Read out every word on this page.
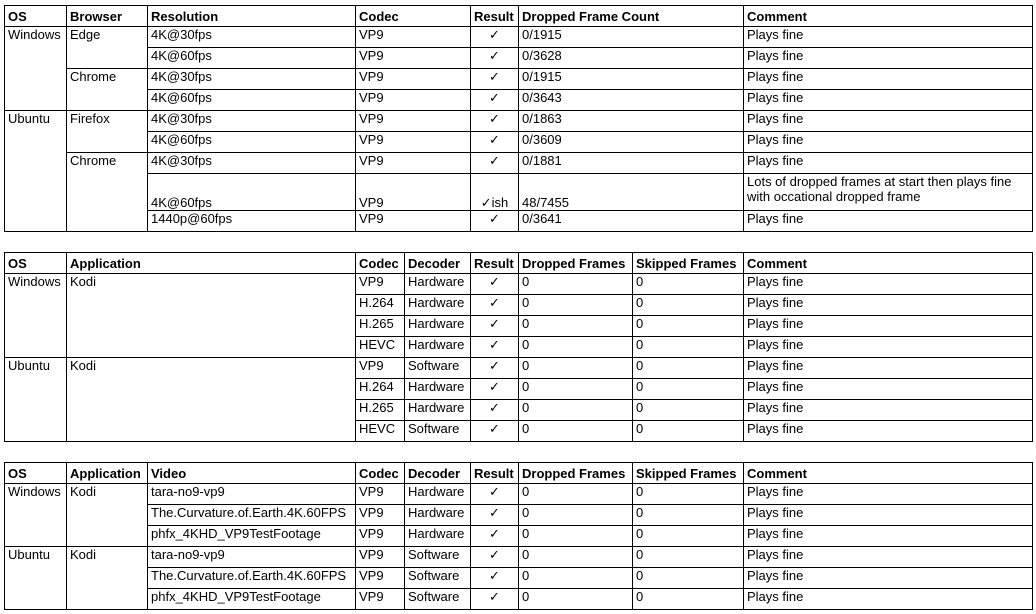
OS	Browser	Resolution	Codec	Result	Dropped Frame Count	Comment
Windows	Edge	4K@30fps	VP9	✓	0/1915	Plays fine
		4K@60fps	VP9	✓	0/3628	Plays fine
	Chrome	4K@30fps	VP9	✓	0/1915	Plays fine
		4K@60fps	VP9	✓	0/3643	Plays fine
Ubuntu	Firefox	4K@30fps	VP9	✓	0/1863	Plays fine
		4K@60fps	VP9	✓	0/3609	Plays fine
	Chrome	4K@30fps	VP9	✓	0/1881	Plays fine
		4K@60fps	VP9	✓ish	48/7455	Lots of dropped frames at start then plays fine with occational dropped frame
		1440p@60fps	VP9	✓	0/3641	Plays fine
OS	Application	Codec	Decoder	Result	Dropped Frames	Skipped Frames	Comment
Windows	Kodi	VP9	Hardware	✓	0	0	Plays fine
		H.264	Hardware	✓	0	0	Plays fine
		H.265	Hardware	✓	0	0	Plays fine
		HEVC	Hardware	✓	0	0	Plays fine
Ubuntu	Kodi	VP9	Software	✓	0	0	Plays fine
		H.264	Hardware	✓	0	0	Plays fine
		H.265	Hardware	✓	0	0	Plays fine
		HEVC	Software	✓	0	0	Plays fine
OS	Application	Video	Codec	Decoder	Result	Dropped Frames	Skipped Frames	Comment
Windows	Kodi	tara-no9-vp9	VP9	Hardware	✓	0	0	Plays fine
		The.Curvature.of.Earth.4K.60FPS	VP9	Hardware	✓	0	0	Plays fine
		phfx_4KHD_VP9TestFootage	VP9	Hardware	✓	0	0	Plays fine
Ubuntu	Kodi	tara-no9-vp9	VP9	Software	✓	0	0	Plays fine
		The.Curvature.of.Earth.4K.60FPS	VP9	Software	✓	0	0	Plays fine
		phfx_4KHD_VP9TestFootage	VP9	Software	✓	0	0	Plays fine
